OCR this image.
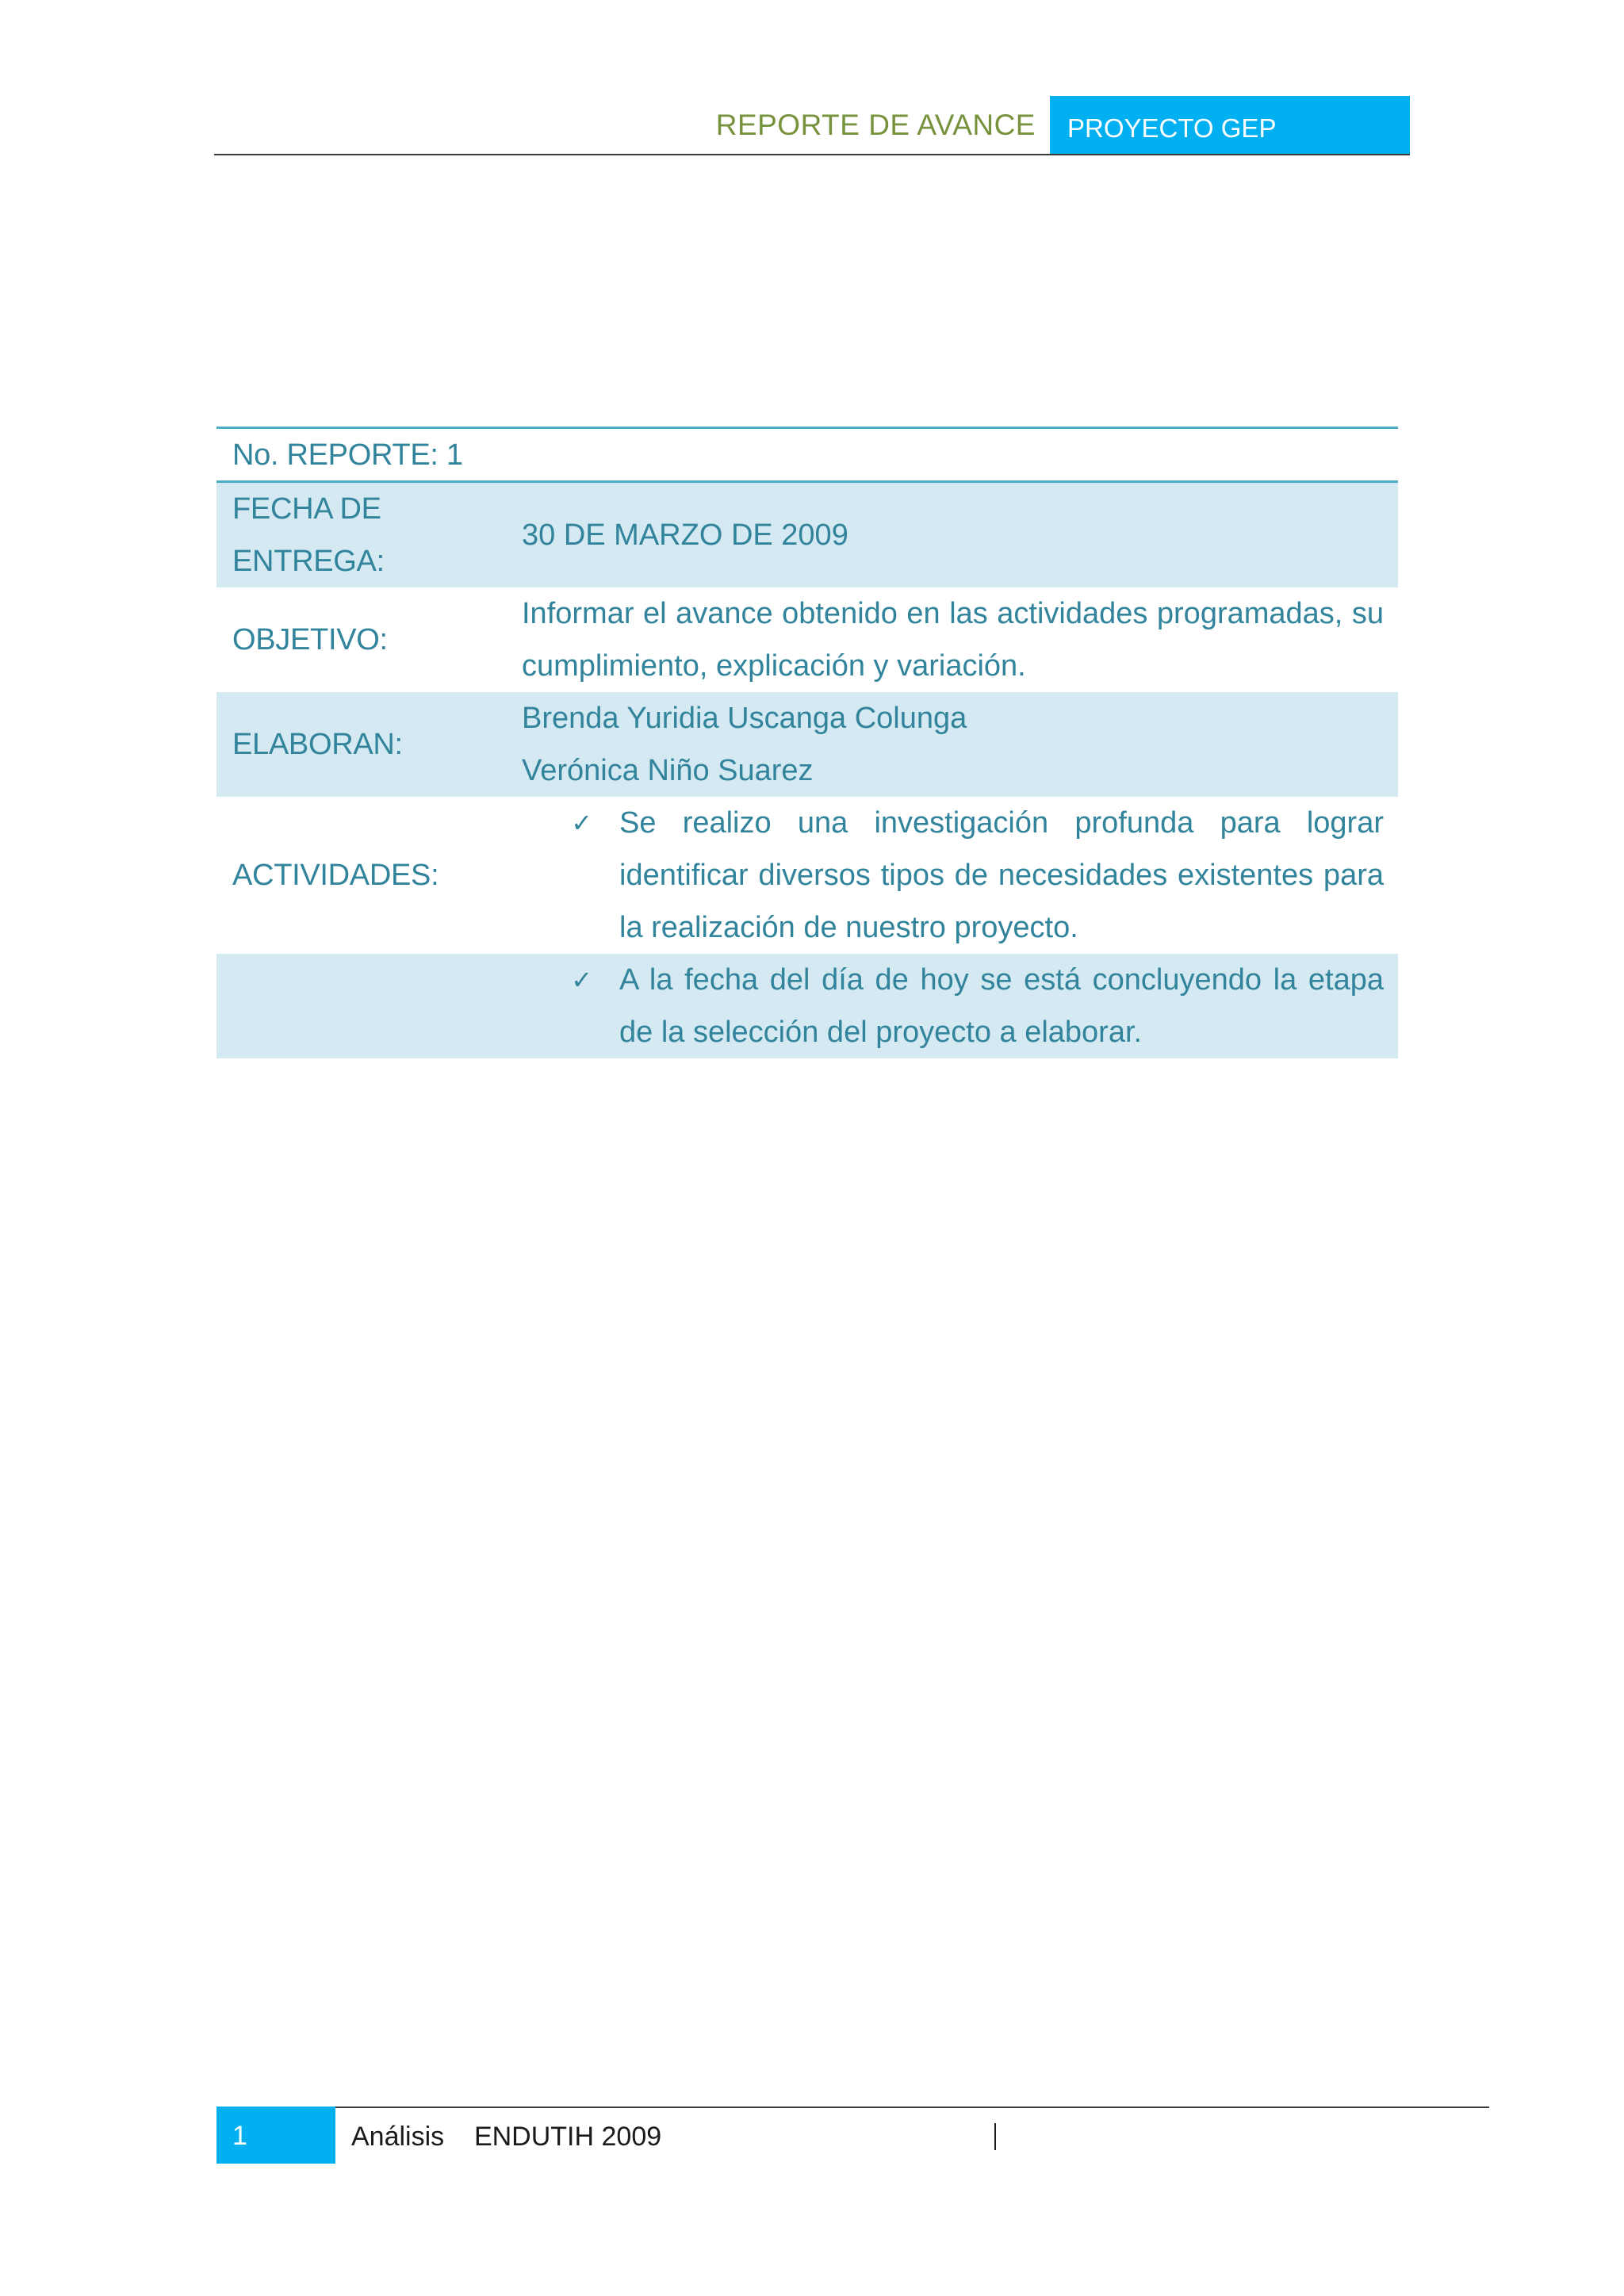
REPORTE DE AVANCE	PROYECTO GEP
No. REPORTE: 1
FECHA DE
ENTREGA:
30 DE MARZO DE 2009
OBJETIVO:
Informar el avance obtenido en las actividades programadas, su cumplimiento, explicación y variación.
ELABORAN:
Brenda Yuridia Uscanga Colunga
Verónica Niño Suarez
ACTIVIDADES:
✓ Se realizo una investigación profunda para lograr identificar diversos tipos de necesidades existentes para la realización de nuestro proyecto.
✓ A la fecha del día de hoy se está concluyendo la etapa de la selección del proyecto a elaborar.
1	Análisis    ENDUTIH 2009
